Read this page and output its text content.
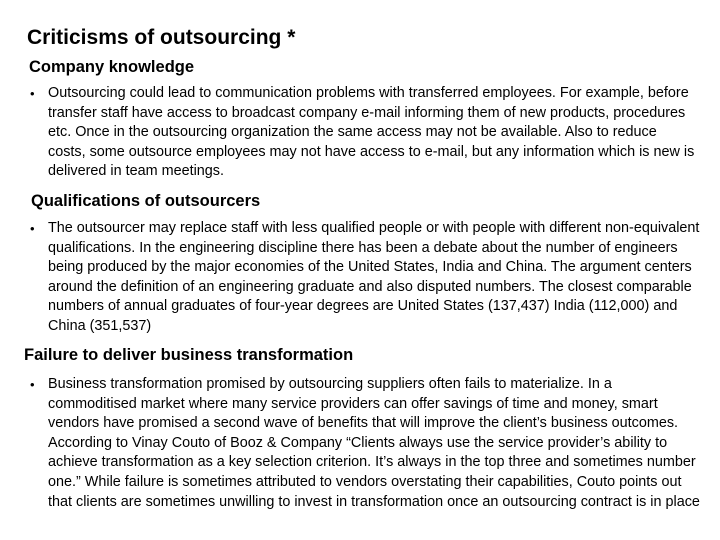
Criticisms of outsourcing *
Company knowledge
• Outsourcing could lead to communication problems with transferred employees. For example, before transfer staff have access to broadcast company e-mail informing them of new products, procedures etc. Once in the outsourcing organization the same access may not be available. Also to reduce costs, some outsource employees may not have access to e-mail, but any information which is new is delivered in team meetings.
Qualifications of outsourcers
• The outsourcer may replace staff with less qualified people or with people with different non-equivalent qualifications. In the engineering discipline there has been a debate about the number of engineers being produced by the major economies of the United States, India and China. The argument centers around the definition of an engineering graduate and also disputed numbers. The closest comparable numbers of annual graduates of four-year degrees are United States (137,437) India (112,000) and China (351,537)
Failure to deliver business transformation
• Business transformation promised by outsourcing suppliers often fails to materialize. In a commoditised market where many service providers can offer savings of time and money, smart vendors have promised a second wave of benefits that will improve the client’s business outcomes. According to Vinay Couto of Booz & Company “Clients always use the service provider’s ability to achieve transformation as a key selection criterion. It’s always in the top three and sometimes number one.” While failure is sometimes attributed to vendors overstating their capabilities, Couto points out that clients are sometimes unwilling to invest in transformation once an outsourcing contract is in place
